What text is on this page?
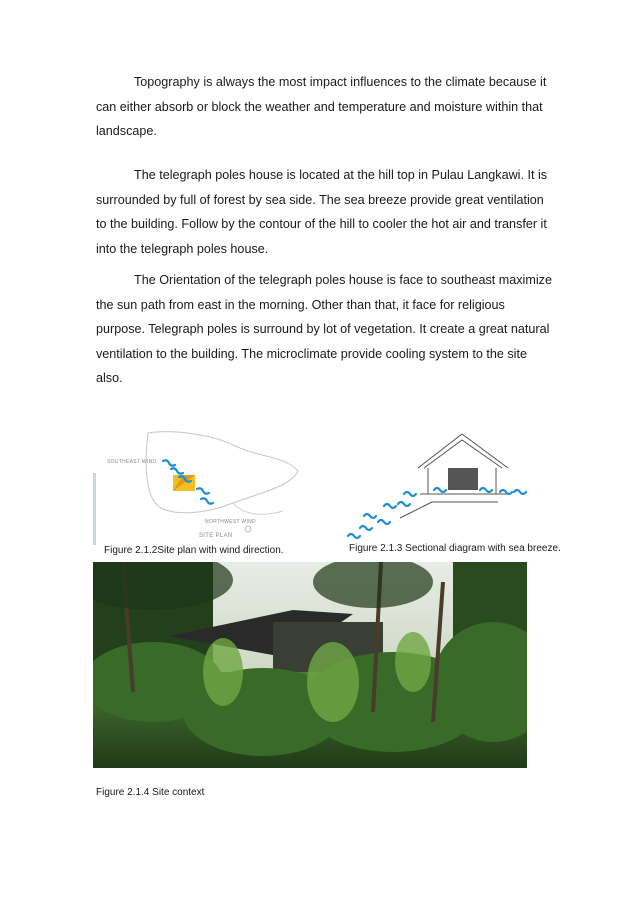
Topography is always the most impact influences to the climate because it can either absorb or block the weather and temperature and moisture within that landscape.
The telegraph poles house is located at the hill top in Pulau Langkawi. It is surrounded by full of forest by sea side. The sea breeze provide great ventilation to the building. Follow by the contour of the hill to cooler the hot air and transfer it into the telegraph poles house.
The Orientation of the telegraph poles house is face to southeast maximize the sun path from east in the morning. Other than that, it face for religious purpose. Telegraph poles is surround by lot of vegetation. It create a great natural ventilation to the building. The microclimate provide cooling system to the site also.
SOUTHEAST WIND
NORTHWEST WIND
SITE PLAN
Figure 2.1.2Site plan with wind direction.	Figure 2.1.3 Sectional diagram with sea breeze.
Figure 2.1.4 Site context
